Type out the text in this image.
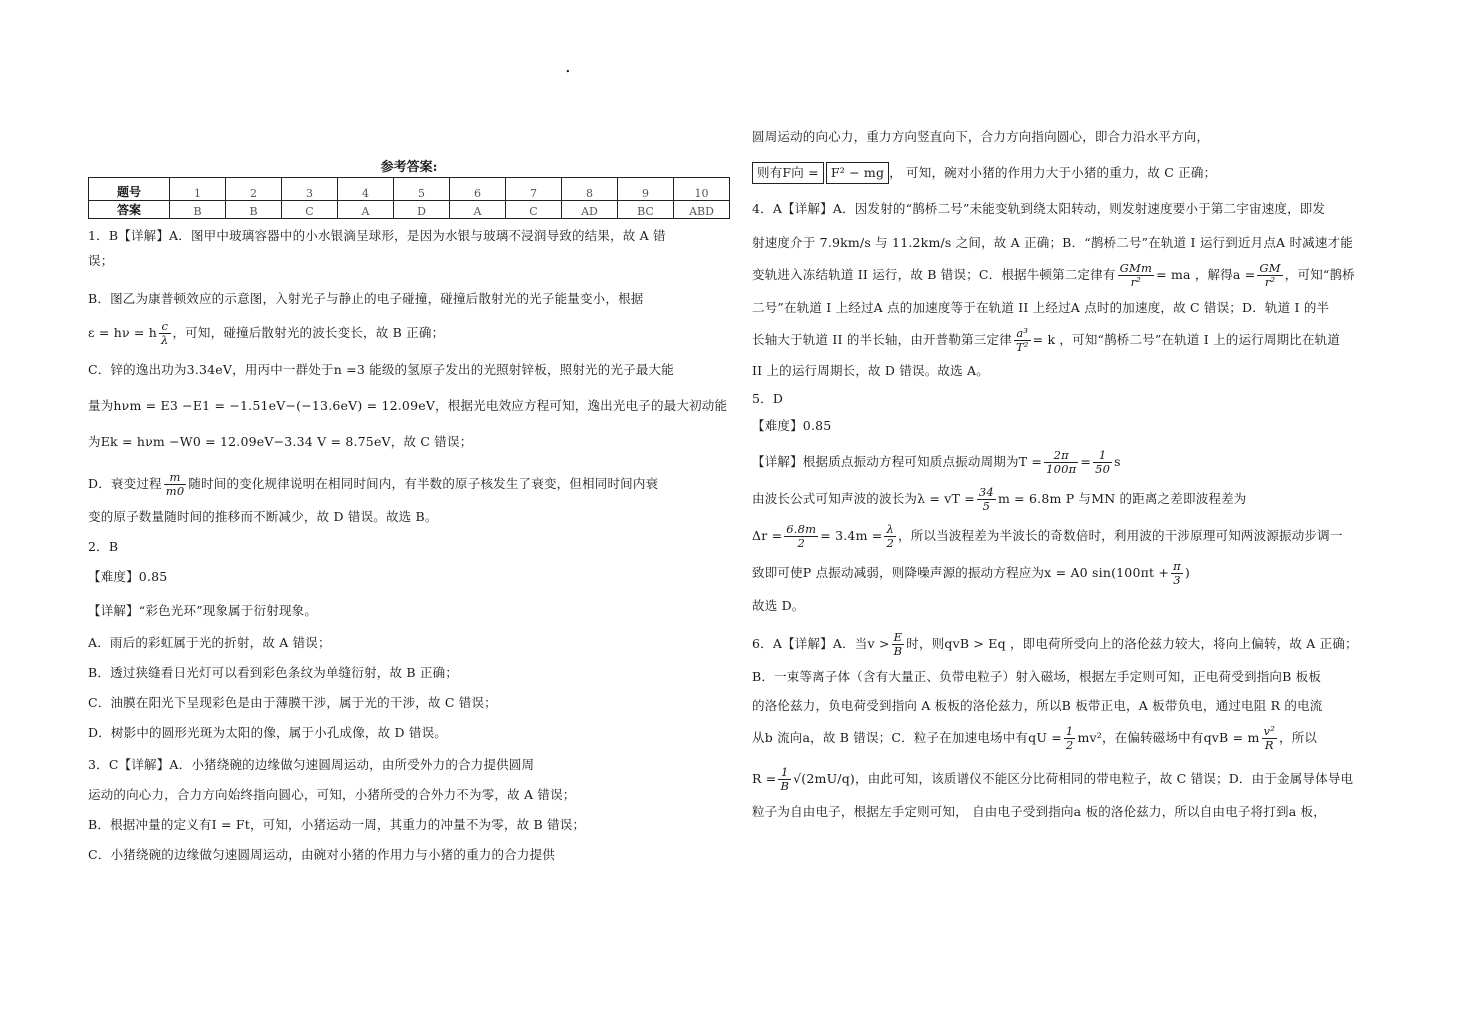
.
参考答案:
题号	1	2	3	4	5	6	7	8	9	10
答案	B	B	C	A	D	A	C	AD	BC	ABD
1．B【详解】A．图甲中玻璃容器中的小水银滴呈球形，是因为水银与玻璃不浸润导致的结果，故 A 错
误；
B．图乙为康普顿效应的示意图，入射光子与静止的电子碰撞，碰撞后散射光的光子能量变小，根据
ε = hν = h $\frac{c}{\lambda}$ ，可知，碰撞后散射光的波长变长，故 B 正确；
C．锌的逸出功为3.34eV，用丙中一群处于n =3 能级的氢原子发出的光照射锌板，照射光的光子最大能
量为hνm = E3 −E1 = −1.51eV−(−13.6eV) = 12.09eV，根据光电效应方程可知，逸出光电子的最大初动能
为Ek = hνm −W0 = 12.09eV−3.34 V = 8.75eV，故 C 错误；
D．衰变过程 $\frac{m}{m0}$ 随时间的变化规律说明在相同时间内，有半数的原子核发生了衰变，但相同时间内衰
变的原子数量随时间的推移而不断减少，故 D 错误。故选 B。
2．B
【难度】0.85
【详解】“彩色光环”现象属于衍射现象。
A．雨后的彩虹属于光的折射，故 A 错误；
B．透过狭缝看日光灯可以看到彩色条纹为单缝衍射，故 B 正确；
C．油膜在阳光下呈现彩色是由于薄膜干涉，属于光的干涉，故 C 错误；
D．树影中的圆形光斑为太阳的像，属于小孔成像，故 D 错误。
3．C【详解】A．小猪绕碗的边缘做匀速圆周运动，由所受外力的合力提供圆周
运动的向心力，合力方向始终指向圆心，可知，小猪所受的合外力不为零，故 A 错误；
B．根据冲量的定义有I = Ft，可知，小猪运动一周，其重力的冲量不为零，故 B 错误；
C．小猪绕碗的边缘做匀速圆周运动，由碗对小猪的作用力与小猪的重力的合力提供
圆周运动的向心力，重力方向竖直向下，合力方向指向圆心，即合力沿水平方向，
则有F向 = F² − mg ， 可知，碗对小猪的作用力大于小猪的重力，故 C 正确；
4．A【详解】A．因发射的“鹊桥二号”未能变轨到绕太阳转动，则发射速度要小于第二宇宙速度，即发
射速度介于 7.9km/s 与 11.2km/s 之间，故 A 正确；B．“鹊桥二号”在轨道 I 运行到近月点A 时减速才能
变轨进入冻结轨道 II 运行，故 B 错误；C．根据牛顿第二定律有 $\frac{\text{GMm}}{\text{r²}}$ = ma ，解得$a = \frac{GM}{\text{r²}}$ ，可知“鹊桥
二号”在轨道 I 上经过A 点的加速度等于在轨道 II 上经过A 点时的加速度，故 C 错误；D．轨道 I 的半
长轴大于轨道 II 的半长轴，由开普勒第三定律 $\frac{\text{a³}}{\text{T²}} = k$ ，可知“鹊桥二号”在轨道 I 上的运行周期比在轨道
II 上的运行周期长，故 D 错误。故选 A。
5．D
【难度】0.85
【详解】根据质点振动方程可知质点振动周期为$T = \frac{2\pi}{100\pi} = \frac{1}{50}$ s
由波长公式可知声波的波长为λ = vT = $\frac{34}{5}$ m = 6.8m P 与MN 的距离之差即波程差为
$\Delta r = \frac{6.8m}{2} = 3.4m = \frac{\lambda}{2}$ ，所以当波程差为半波长的奇数倍时，利用波的干涉原理可知两波源振动步调一
致即可使P 点振动减弱，则降噪声源的振动方程应为x = A0 $\sin(100\pi t + \frac{\pi}{3}$ )
故选 D。
6．A【详解】A．当$v > \frac{E}{B}$ 时，则qvB > Eq ，即电荷所受向上的洛伦兹力较大，将向上偏转，故 A 正确；
B．一束等离子体（含有大量正、负带电粒子）射入磁场，根据左手定则可知，正电荷受到指向B 板板
的洛伦兹力，负电荷受到指向 A 板板的洛伦兹力，所以B 板带正电，A 板带负电，通过电阻 R 的电流
从b 流向a，故 B 错误；C．粒子在加速电场中有qU = $\frac{1}{2} mv^2$，在偏转磁场中有qvB = m $\frac{\text{v²}}{R}$ ，所以
$R = \frac{1}{B} √(2mU/q)$，由此可知，该质谱仪不能区分比荷相同的带电粒子，故 C 错误；D．由于金属导体导电
粒子为自由电子，根据左手定则可知， 自由电子受到指向a 板的洛伦兹力，所以自由电子将打到a 板，
